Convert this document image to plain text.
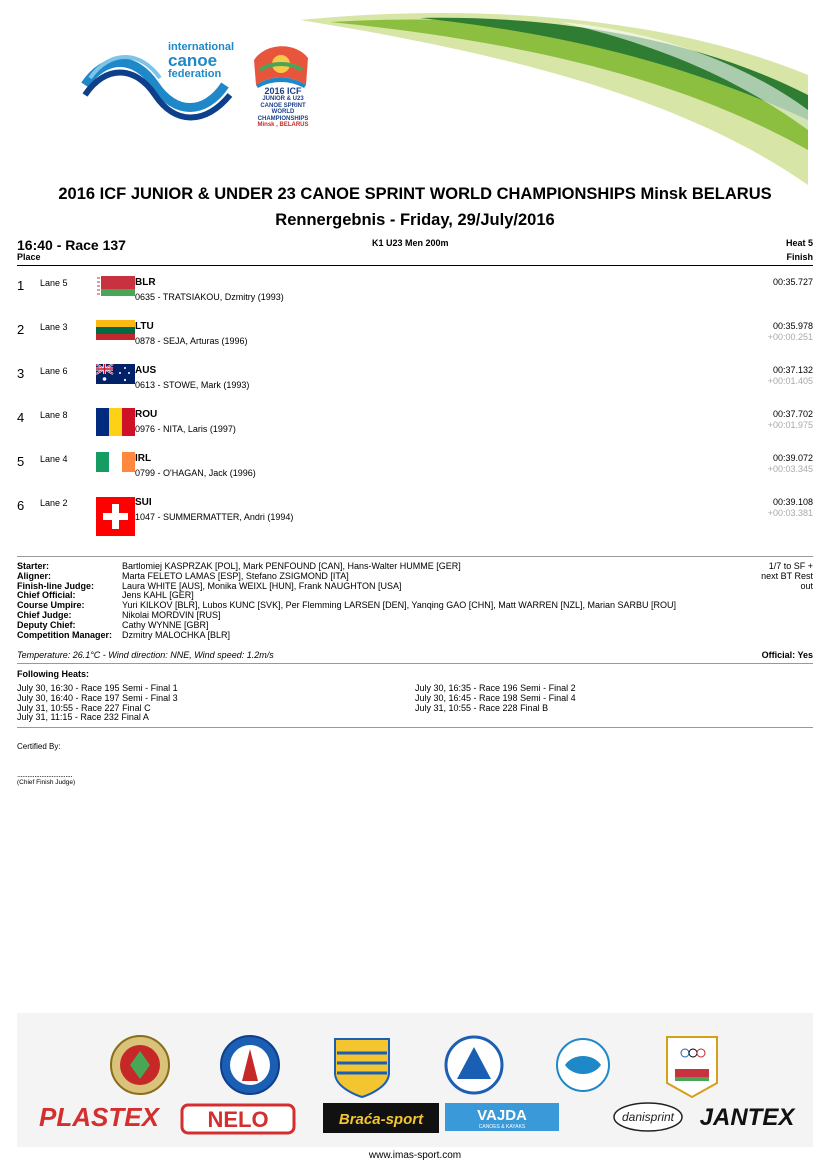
international
canoe
federation
2016 ICF
JUNIOR & U23
CANOE SPRINT
WORLD CHAMPIONSHIPS
Minsk , BELARUS
2016 ICF JUNIOR & UNDER 23 CANOE SPRINT WORLD CHAMPIONSHIPS Minsk BELARUS
Rennergebnis - Friday, 29/July/2016
16:40 - Race 137
Place
K1 U23 Men 200m	Heat 5
Finish
1 Lane 5	BLR
0635 - TRATSIAKOU, Dzmitry (1993)
00:35.727
2 Lane 3	LTU
0878 - SEJA, Arturas (1996)
00:35.978
+00:00.251
3 Lane 6	AUS
0613 - STOWE, Mark (1993)
00:37.132
+00:01.405
4 Lane 8	ROU
0976 - NITA, Laris (1997)
00:37.702
+00:01.975
5 Lane 4	IRL
0799 - O'HAGAN, Jack (1996)
00:39.072
+00:03.345
6 Lane 2	SUI
1047 - SUMMERMATTER, Andri (1994)
00:39.108
+00:03.381
Starter:	Bartlomiej KASPRZAK [POL], Mark PENFOUND [CAN], Hans-Walter HUMME [GER]
Aligner:	Marta FELETO LAMAS [ESP], Stefano ZSIGMOND [ITA]
Finish-line Judge:	Laura WHITE [AUS], Monika WEIXL [HUN], Frank NAUGHTON [USA]
Chief Official:	Jens KAHL [GER]
Course Umpire:	Yuri KILKOV [BLR], Lubos KUNC [SVK], Per Flemming LARSEN [DEN], Yanqing GAO [CHN], Matt WARREN [NZL], Marian SARBU [ROU]
Chief Judge:	Nikolai MORDVIN [RUS]
Deputy Chief:	Cathy WYNNE [GBR]
Competition Manager: Dzmitry MALOCHKA [BLR]
1/7 to SF +
next BT Rest
out
Temperature: 26.1°C - Wind direction: NNE, Wind speed: 1.2m/s	Official: Yes
Following Heats:
July 30, 16:30 - Race 195 Semi - Final 1
July 30, 16:40 - Race 197 Semi - Final 3
July 31, 10:55 - Race 227 Final C
July 31, 11:15 - Race 232 Final A
July 30, 16:35 - Race 196 Semi - Final 2
July 30, 16:45 - Race 198 Semi - Final 4
July 31, 10:55 - Race 228 Final B
Certified By:
................................
(Chief Finish Judge)
PLASTEX NELO	Braća-sport	VAJDA
CANOES & KAYAKS
danisprint JANTEX
www.imas-sport.com
